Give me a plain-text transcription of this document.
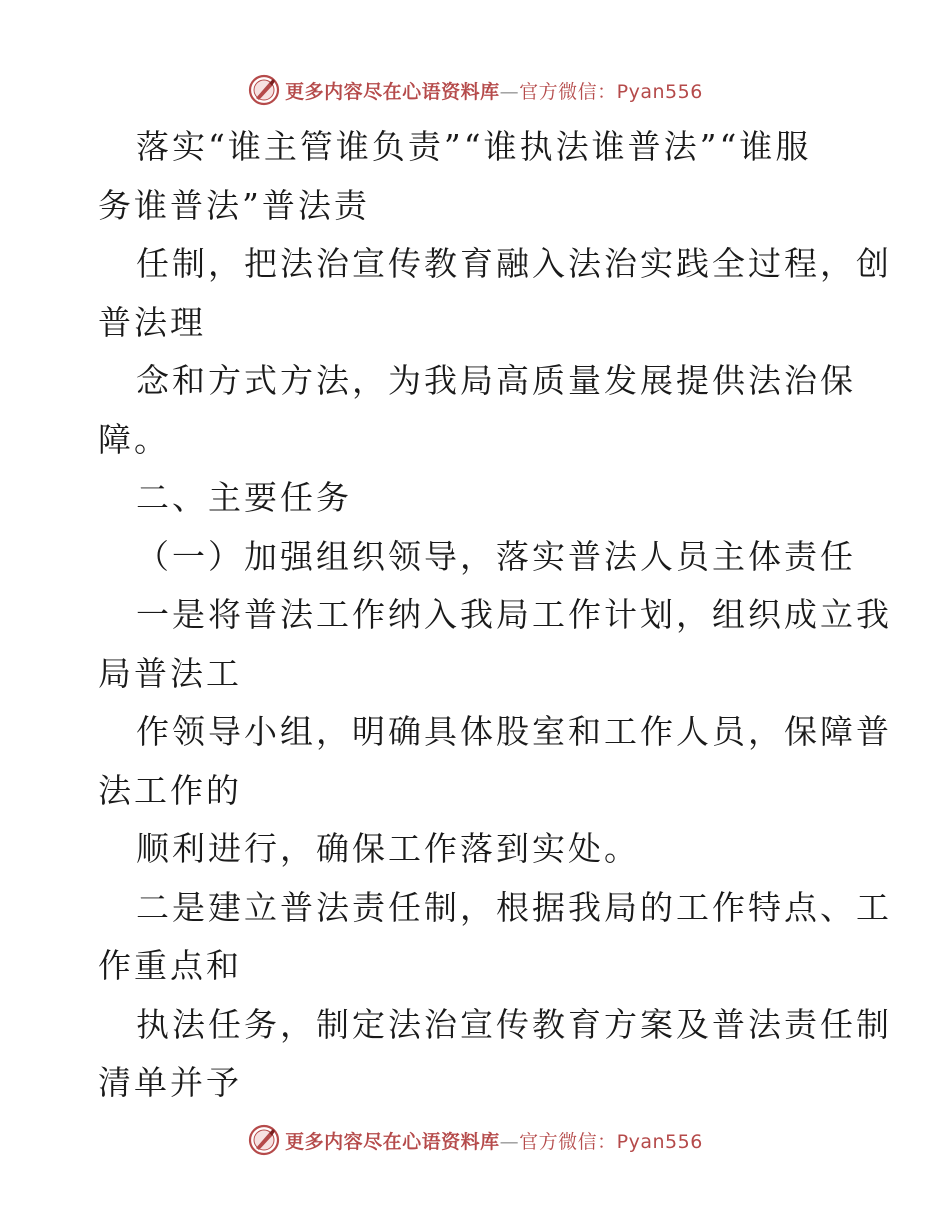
更多内容尽在心语资料库—官方微信：Pyan556
落实“谁主管谁负责”“谁执法谁普法”“谁服
务谁普法”普法责
任制，把法治宣传教育融入法治实践全过程，创
普法理
念和方式方法，为我局高质量发展提供法治保
障。
二、主要任务
（一）加强组织领导，落实普法人员主体责任
一是将普法工作纳入我局工作计划，组织成立我
局普法工
作领导小组，明确具体股室和工作人员，保障普
法工作的
顺利进行，确保工作落到实处。
二是建立普法责任制，根据我局的工作特点、工
作重点和
执法任务，制定法治宣传教育方案及普法责任制
清单并予
更多内容尽在心语资料库—官方微信：Pyan556
